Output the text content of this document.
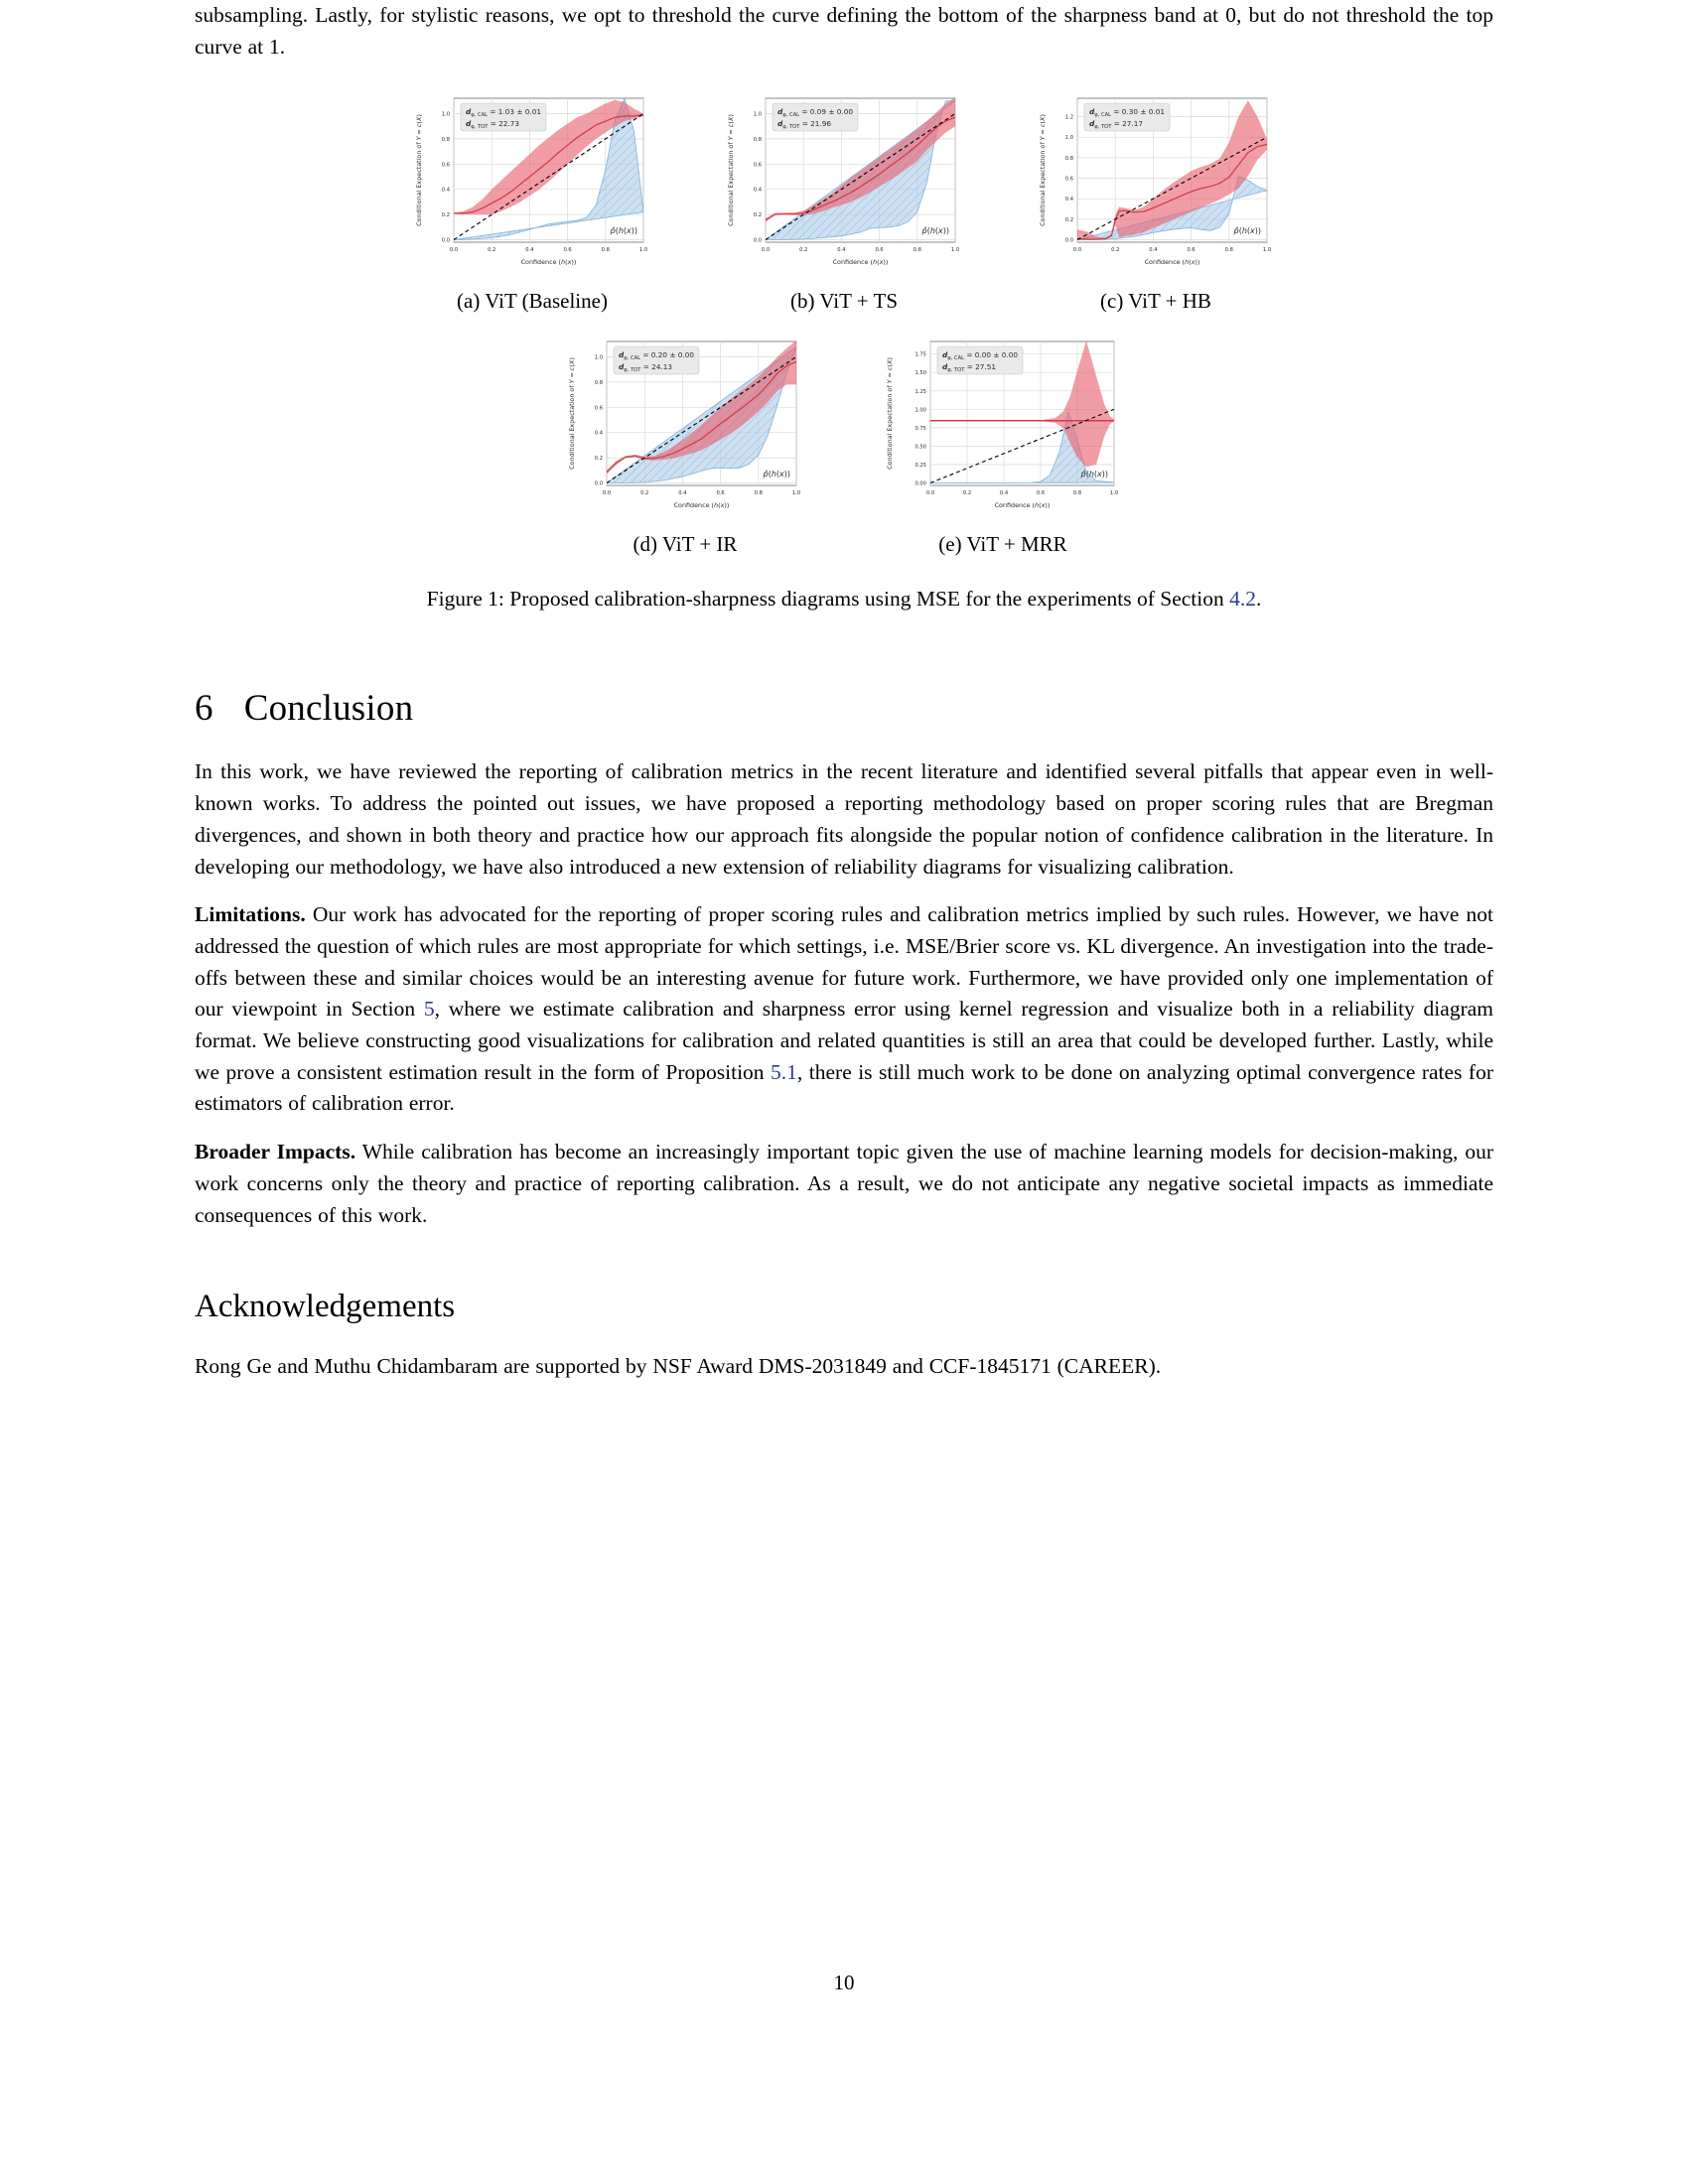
subsampling. Lastly, for stylistic reasons, we opt to threshold the curve defining the bottom of the sharpness band at 0, but do not threshold the top curve at 1.

0.0	0.2	0.4	0.6	0.8	1.0
0.0
0.2
0.4
0.6
0.8
1.0
Confidence (h(x))
Conditional Expectation of Y = c(X)
p̂(h(x))
$d_{\varphi, CAL} = 1.03 \pm 0.01$
$d_{\varphi, TOT} = 22.73$
(a) ViT (Baseline)
0.0	0.2	0.4	0.6	0.8	1.0
0.0
0.2
0.4
0.6
0.8
1.0
Confidence (h(x))
Conditional Expectation of Y = c(X)
p̂(h(x))
$d_{\varphi, CAL} = 0.09 \pm 0.00$
$d_{\varphi, TOT} = 21.96$
(b) ViT + TS
0.0	0.2	0.4	0.6	0.8	1.0
0.0
0.2
0.4
0.6
0.8
1.0
1.2
Confidence (h(x))
Conditional Expectation of Y = c(X)
p̂(h(x))
$d_{\varphi, CAL} = 0.30 \pm 0.01$
$d_{\varphi, TOT} = 27.17$
(c) ViT + HB
0.0	0.2	0.4	0.6	0.8	1.0
0.0
0.2
0.4
0.6
0.8
1.0
Confidence (h(x))
Conditional Expectation of Y = c(X)
p̂(h(x))
$d_{\varphi, CAL} = 0.20 \pm 0.00$
$d_{\varphi, TOT} = 24.13$
(d) ViT + IR
0.0	0.2	0.4	0.6	0.8	1.0
0.00
0.25
0.50
0.75
1.00
1.25
1.50
1.75
Confidence (h(x))
Conditional Expectation of Y = c(X)
p̂(h(x))
$d_{\varphi, CAL} = 0.00 \pm 0.00$
$d_{\varphi, TOT} = 27.51$
(e) ViT + MRR
Figure 1: Proposed calibration-sharpness diagrams using MSE for the experiments of Section 4.2.
6 Conclusion

In this work, we have reviewed the reporting of calibration metrics in the recent literature and identified several pitfalls that appear even in well-known works. To address the pointed out issues, we have proposed a reporting methodology based on proper scoring rules that are Bregman divergences, and shown in both theory and practice how our approach fits alongside the popular notion of confidence calibration in the literature. In developing our methodology, we have also introduced a new extension of reliability diagrams for visualizing calibration.

Limitations. Our work has advocated for the reporting of proper scoring rules and calibration metrics implied by such rules. However, we have not addressed the question of which rules are most appropriate for which settings, i.e. MSE/Brier score vs. KL divergence. An investigation into the trade-offs between these and similar choices would be an interesting avenue for future work. Furthermore, we have provided only one implementation of our viewpoint in Section 5, where we estimate calibration and sharpness error using kernel regression and visualize both in a reliability diagram format. We believe constructing good visualizations for calibration and related quantities is still an area that could be developed further. Lastly, while we prove a consistent estimation result in the form of Proposition 5.1, there is still much work to be done on analyzing optimal convergence rates for estimators of calibration error.

Broader Impacts. While calibration has become an increasingly important topic given the use of machine learning models for decision-making, our work concerns only the theory and practice of reporting calibration. As a result, we do not anticipate any negative societal impacts as immediate consequences of this work.

Acknowledgements

Rong Ge and Muthu Chidambaram are supported by NSF Award DMS-2031849 and CCF-1845171 (CAREER).

10
